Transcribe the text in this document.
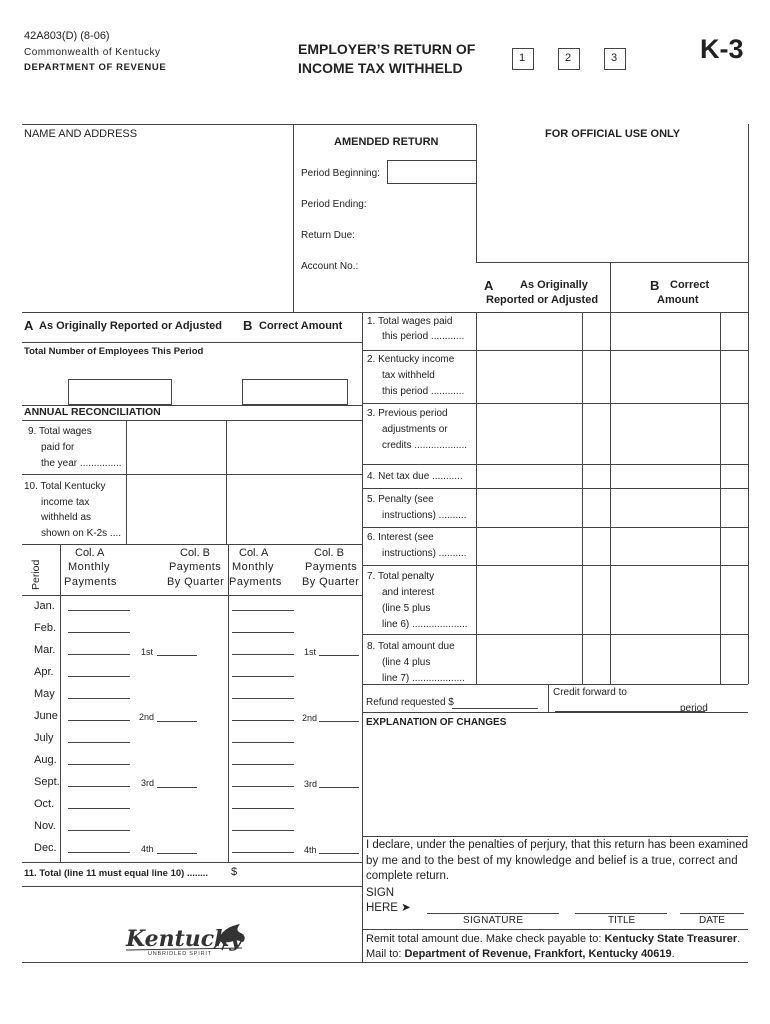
42A803(D) (8-06)
Commonwealth of Kentucky
DEPARTMENT OF REVENUE
EMPLOYER’S RETURN OF
INCOME TAX WITHHELD
1	2	3	K-3
NAME AND ADDRESS
AMENDED RETURN
FOR OFFICIAL USE ONLY
Period Beginning:
Period Ending:
Return Due:
Account No.:
A As Originally
Reported or Adjusted
B Correct
Amount
1. Total wages paid
this period ............
2. Kentucky income
tax withheld
this period ............
3. Previous period
adjustments or
credits ...................
4. Net tax due ...........
5. Penalty (see
instructions) ..........
6. Interest (see
instructions) ..........
7. Total penalty
and interest
(line 5 plus
line 6) ....................
8. Total amount due
(line 4 plus
line 7) ...................
Refund requested $
Credit forward to
period
EXPLANATION OF CHANGES
A As Originally Reported or Adjusted B Correct Amount
Total Number of Employees This Period
ANNUAL RECONCILIATION
9. Total wages
paid for
the year ...............
10. Total Kentucky
income tax
withheld as
shown on K-2s ....
Period
Col. A
Monthly
Payments
Col. B
Payments
By Quarter
Col. A
Monthly
Payments
Col. B
Payments
By Quarter
Jan.
Feb.
Mar.	1st	1st
Apr.
May
June	2nd	2nd
July
Aug.
Sept.	3rd	3rd
Oct.
Nov.
Dec.	4th	4th
11. Total (line 11 must equal line 10) ........ $
I declare, under the penalties of perjury, that this return has been examined
by me and to the best of my knowledge and belief is a true, correct and
complete return.
SIGN
HERE ➤
SIGNATURE	TITLE	DATE
Remit total amount due. Make check payable to: Kentucky State Treasurer.
Mail to: Department of Revenue, Frankfort, Kentucky 40619.
Kentucky
UNBRIDLED SPIRIT
